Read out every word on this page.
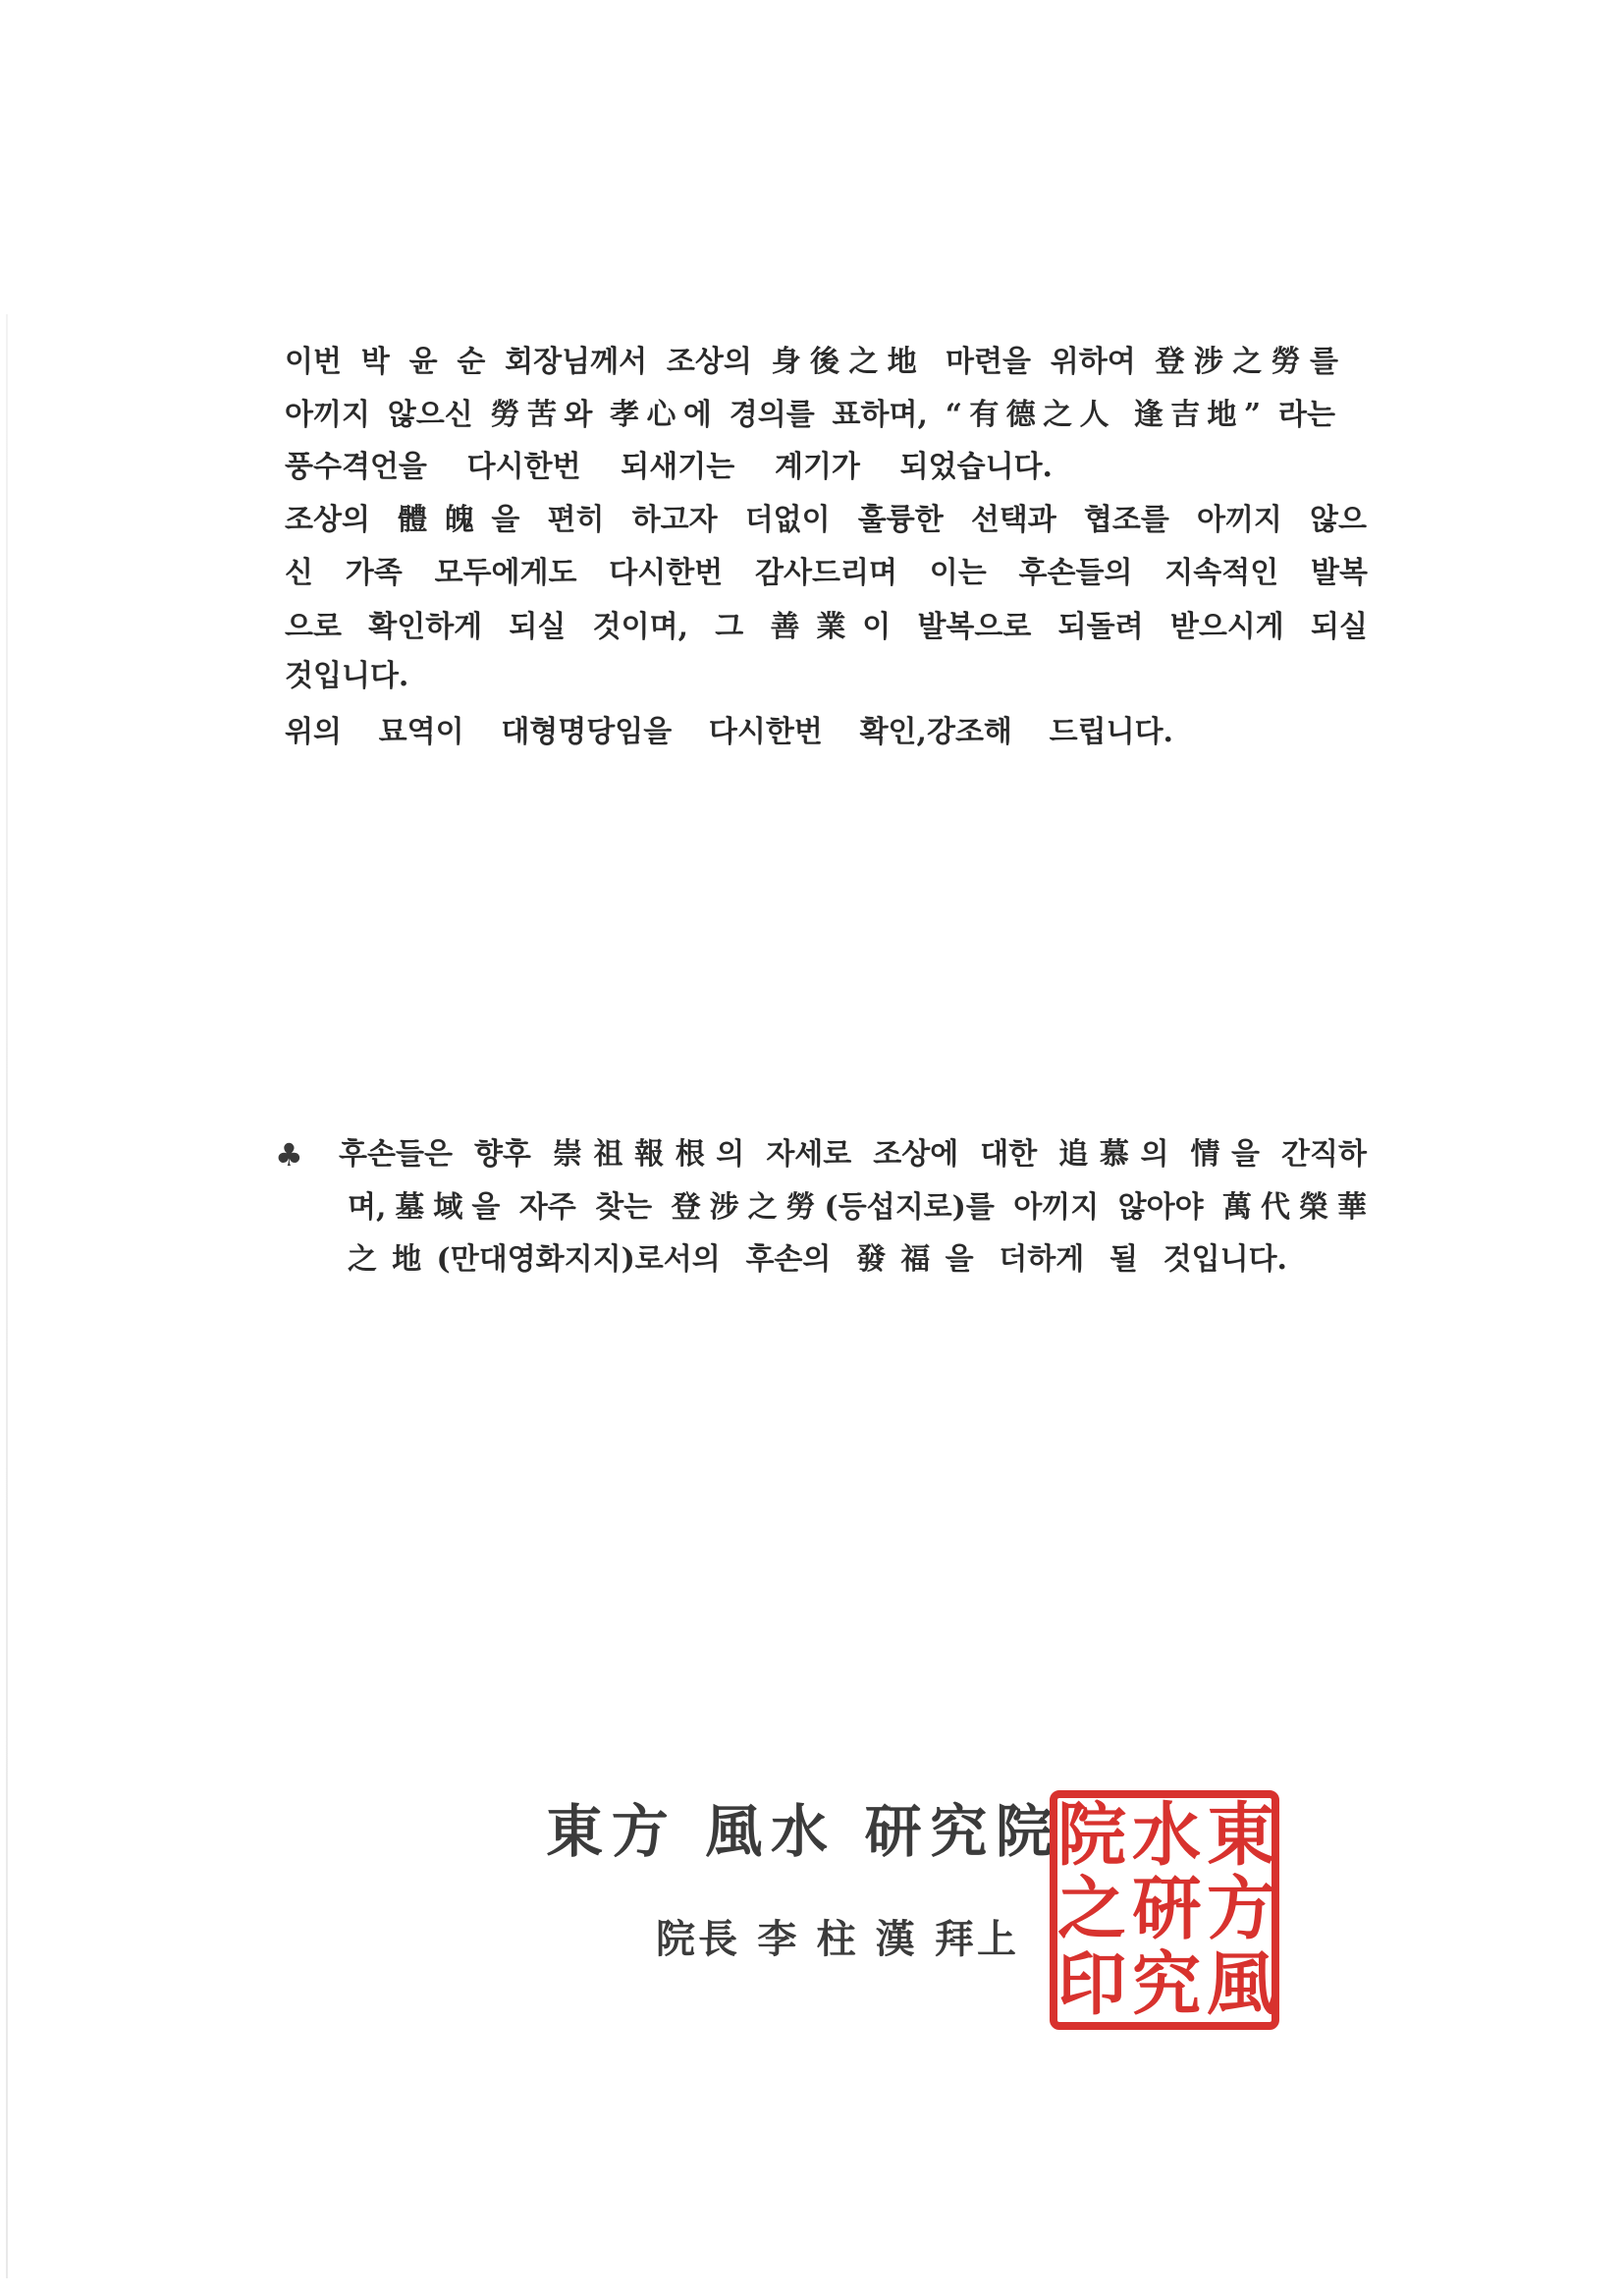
이번 박 윤 순 회장님께서 조상의 身後之地 마련을 위하여 登涉之勞를
아끼지 않으신 勞苦와 孝心에 경의를 표하며, “有德之人 逢吉地” 라는
풍수격언을 다시한번 되새기는 계기가 되었습니다.
조상의 體魄을 편히 하고자 더없이 훌륭한 선택과 협조를 아끼지 않으
신 가족 모두에게도 다시한번 감사드리며 이는 후손들의 지속적인 발복
으로 확인하게 되실 것이며, 그 善業이 발복으로 되돌려 받으시게 되실
것입니다.
위의 묘역이 대형명당임을 다시한번 확인,강조해 드립니다.
♣ 후손들은 향후 崇祖報根의 자세로 조상에 대한 追慕의 情을 간직하
며,墓域을 자주 찾는 登涉之勞(등섭지로)를 아끼지 않아야 萬代榮華
之地(만대영화지지)로서의 후손의 發福을 더하게 될 것입니다.
東方 風水 研究院
院長 李 柱 漢 拜上
東
方
風
水
硏
究
院
之
印
